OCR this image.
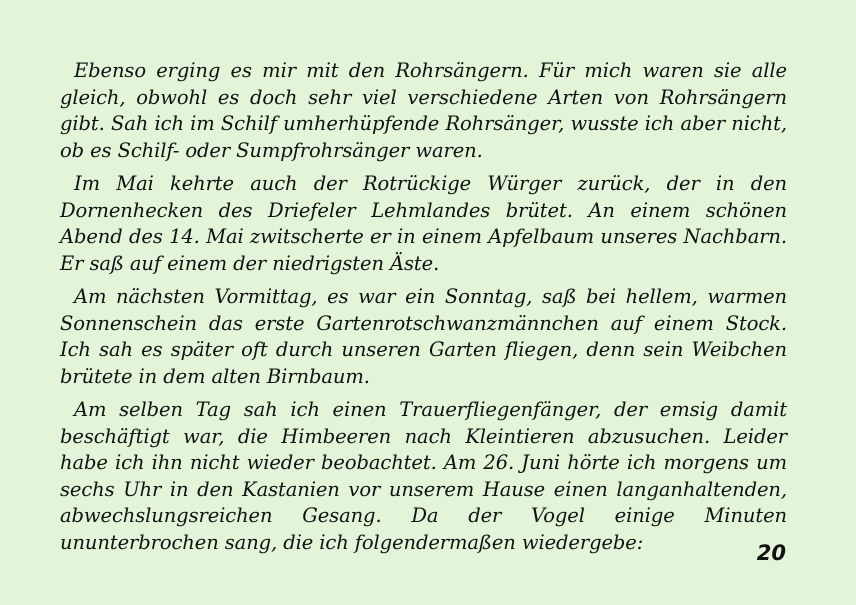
Ebenso erging es mir mit den Rohrsängern. Für mich waren sie alle gleich, obwohl es doch sehr viel verschiedene Arten von Rohrsängern gibt. Sah ich im Schilf umherhüpfende Rohrsänger, wusste ich aber nicht, ob es Schilf- oder Sumpfrohrsänger waren.

Im Mai kehrte auch der Rotrückige Würger zurück, der in den Dornenhecken des Driefeler Lehmlandes brütet. An einem schönen Abend des 14. Mai zwitscherte er in einem Apfelbaum unseres Nachbarn. Er saß auf einem der niedrigsten Äste.

Am nächsten Vormittag, es war ein Sonntag, saß bei hellem, warmen Sonnenschein das erste Gartenrotschwanzmännchen auf einem Stock. Ich sah es später oft durch unseren Garten fliegen, denn sein Weibchen brütete in dem alten Birnbaum.

Am selben Tag sah ich einen Trauerfliegenfänger, der emsig damit beschäftigt war, die Himbeeren nach Kleintieren abzusuchen. Leider habe ich ihn nicht wieder beobachtet. Am 26. Juni hörte ich morgens um sechs Uhr in den Kastanien vor unserem Hause einen langanhaltenden, abwechslungsreichen Gesang. Da der Vogel einige Minuten ununterbrochen sang, die ich folgendermaßen wiedergebe:	20
